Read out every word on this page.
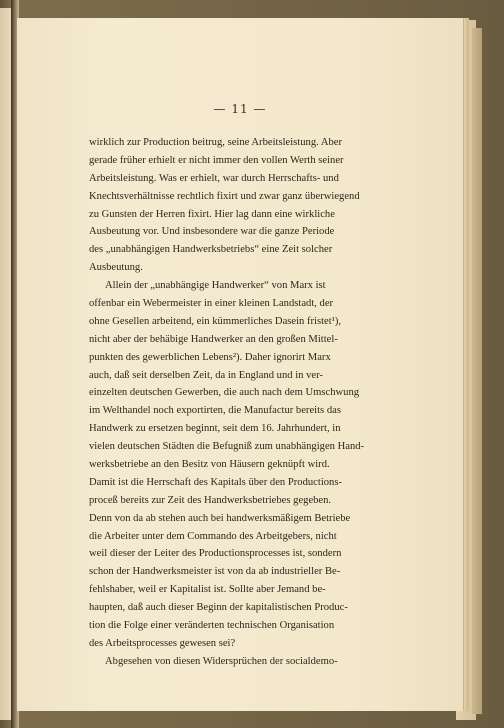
— 11 —
wirklich zur Production beitrug, seine Arbeitsleistung. Aber
gerade früher erhielt er nicht immer den vollen Werth seiner
Arbeitsleistung. Was er erhielt, war durch Herrschafts- und
Knechtsverhältnisse rechtlich fixirt und zwar ganz überwiegend
zu Gunsten der Herren fixirt. Hier lag dann eine wirkliche
Ausbeutung vor. Und insbesondere war die ganze Periode
des „unabhängigen Handwerksbetriebs“ eine Zeit solcher
Ausbeutung.
Allein der „unabhängige Handwerker“ von Marx ist
offenbar ein Webermeister in einer kleinen Landstadt, der
ohne Gesellen arbeitend, ein kümmerliches Dasein fristet¹),
nicht aber der behäbige Handwerker an den großen Mittel-
punkten des gewerblichen Lebens²). Daher ignorirt Marx
auch, daß seit derselben Zeit, da in England und in ver-
einzelten deutschen Gewerben, die auch nach dem Umschwung
im Welthandel noch exportirten, die Manufactur bereits das
Handwerk zu ersetzen beginnt, seit dem 16. Jahrhundert, in
vielen deutschen Städten die Befugniß zum unabhängigen Hand-
werksbetriebe an den Besitz von Häusern geknüpft wird.
Damit ist die Herrschaft des Kapitals über den Productions-
proceß bereits zur Zeit des Handwerksbetriebes gegeben.
Denn von da ab stehen auch bei handwerksmäßigem Betriebe
die Arbeiter unter dem Commando des Arbeitgebers, nicht
weil dieser der Leiter des Productionsprocesses ist, sondern
schon der Handwerksmeister ist von da ab industrieller Be-
fehlshaber, weil er Kapitalist ist. Sollte aber Jemand be-
haupten, daß auch dieser Beginn der kapitalistischen Produc-
tion die Folge einer veränderten technischen Organisation
des Arbeitsprocesses gewesen sei?
Abgesehen von diesen Widersprüchen der socialdemo-
